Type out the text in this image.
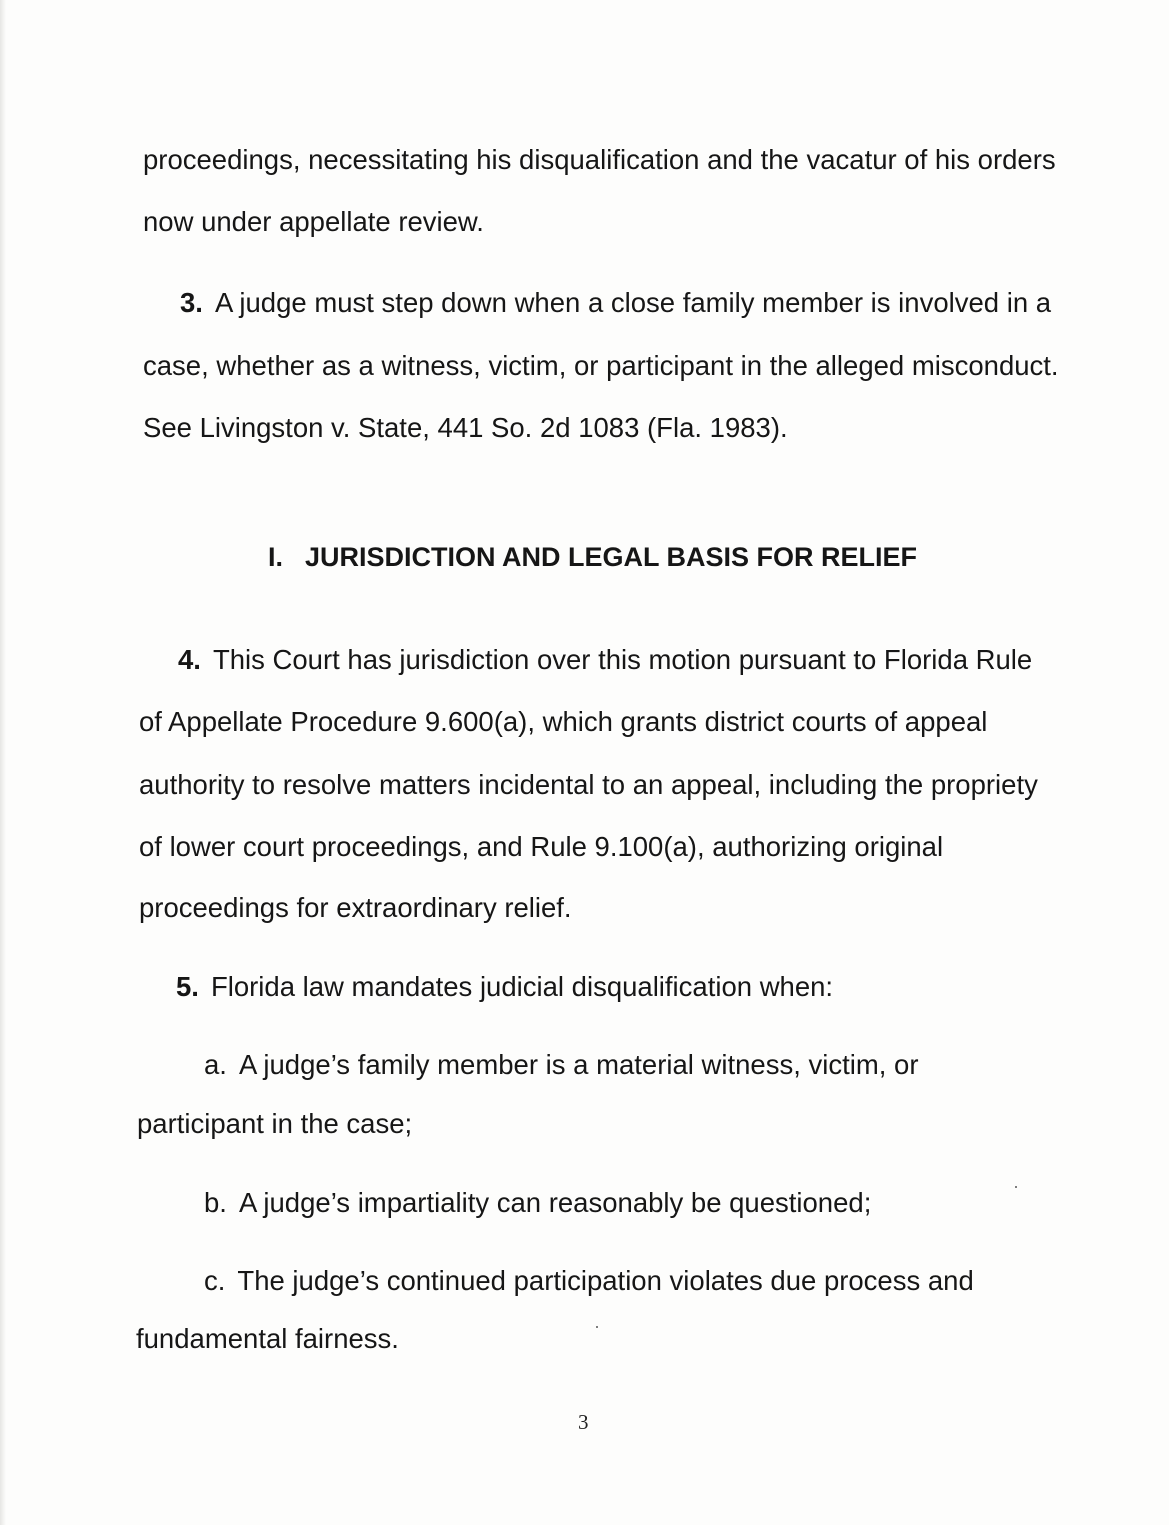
proceedings, necessitating his disqualification and the vacatur of his orders
now under appellate review.
3. A judge must step down when a close family member is involved in a
case, whether as a witness, victim, or participant in the alleged misconduct.
See Livingston v. State, 441 So. 2d 1083 (Fla. 1983).
I. JURISDICTION AND LEGAL BASIS FOR RELIEF
4. This Court has jurisdiction over this motion pursuant to Florida Rule
of Appellate Procedure 9.600(a), which grants district courts of appeal
authority to resolve matters incidental to an appeal, including the propriety
of lower court proceedings, and Rule 9.100(a), authorizing original
proceedings for extraordinary relief.
5. Florida law mandates judicial disqualification when:
a. A judge’s family member is a material witness, victim, or
participant in the case;
b. A judge’s impartiality can reasonably be questioned;
c. The judge’s continued participation violates due process and
fundamental fairness.
3
